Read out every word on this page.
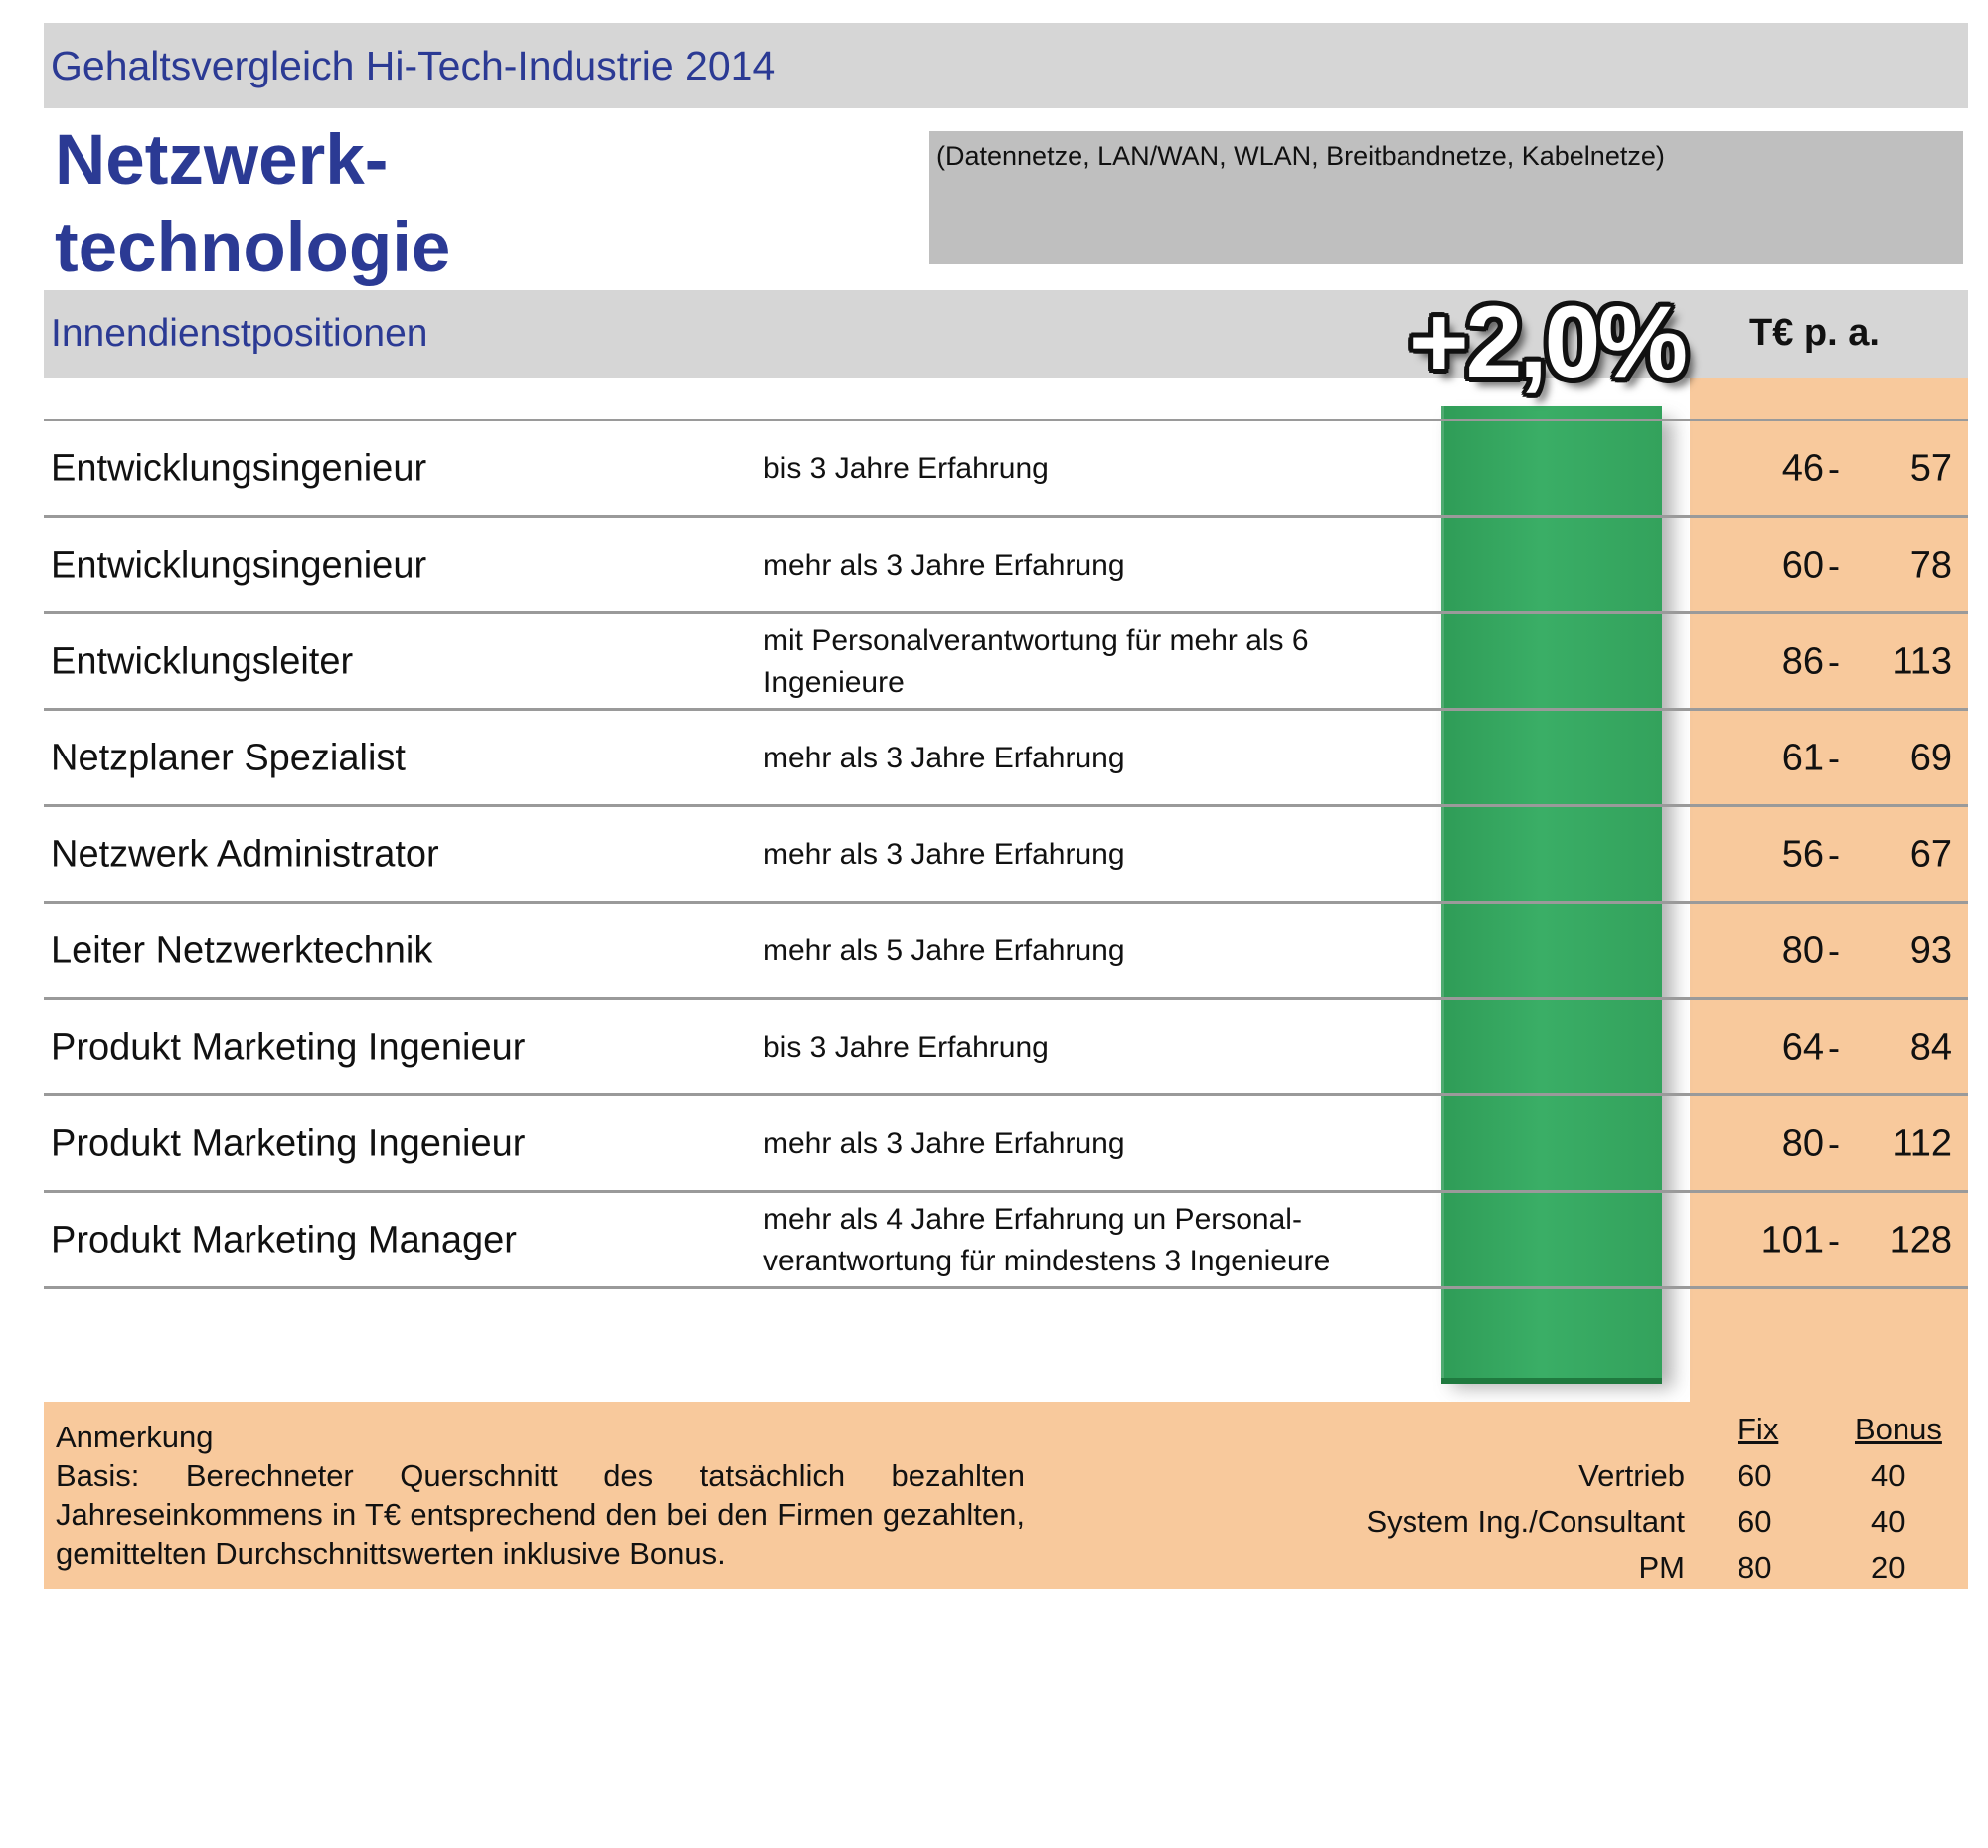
Gehaltsvergleich Hi-Tech-Industrie 2014
Netzwerk-
technologie
(Datennetze, LAN/WAN, WLAN, Breitbandnetze, Kabelnetze)
Innendienstpositionen	T€ p. a.
+2,0%
Entwicklungsingenieur	bis 3 Jahre Erfahrung	46 -	57
Entwicklungsingenieur	mehr als 3 Jahre Erfahrung	60 -	78
Entwicklungsleiter	mit Personalverantwortung für mehr als 6 Ingenieure	86 -	113
Netzplaner Spezialist	mehr als 3 Jahre Erfahrung	61 -	69
Netzwerk Administrator	mehr als 3 Jahre Erfahrung	56 -	67
Leiter Netzwerktechnik	mehr als 5 Jahre Erfahrung	80 -	93
Produkt Marketing Ingenieur	bis 3 Jahre Erfahrung	64 -	84
Produkt Marketing Ingenieur	mehr als 3 Jahre Erfahrung	80 -	112
Produkt Marketing Manager	mehr als 4 Jahre Erfahrung un Personal-verantwortung für mindestens 3 Ingenieure	101 -	128
Anmerkung
Basis: Berechneter Querschnitt des tatsächlich bezahlten Jahreseinkommens in T€ entsprechend den bei den Firmen gezahlten, gemittelten Durchschnittswerten inklusive Bonus.
Fix Bonus
Vertrieb 60	40
System Ing./Consultant 60	40
PM 80	20
